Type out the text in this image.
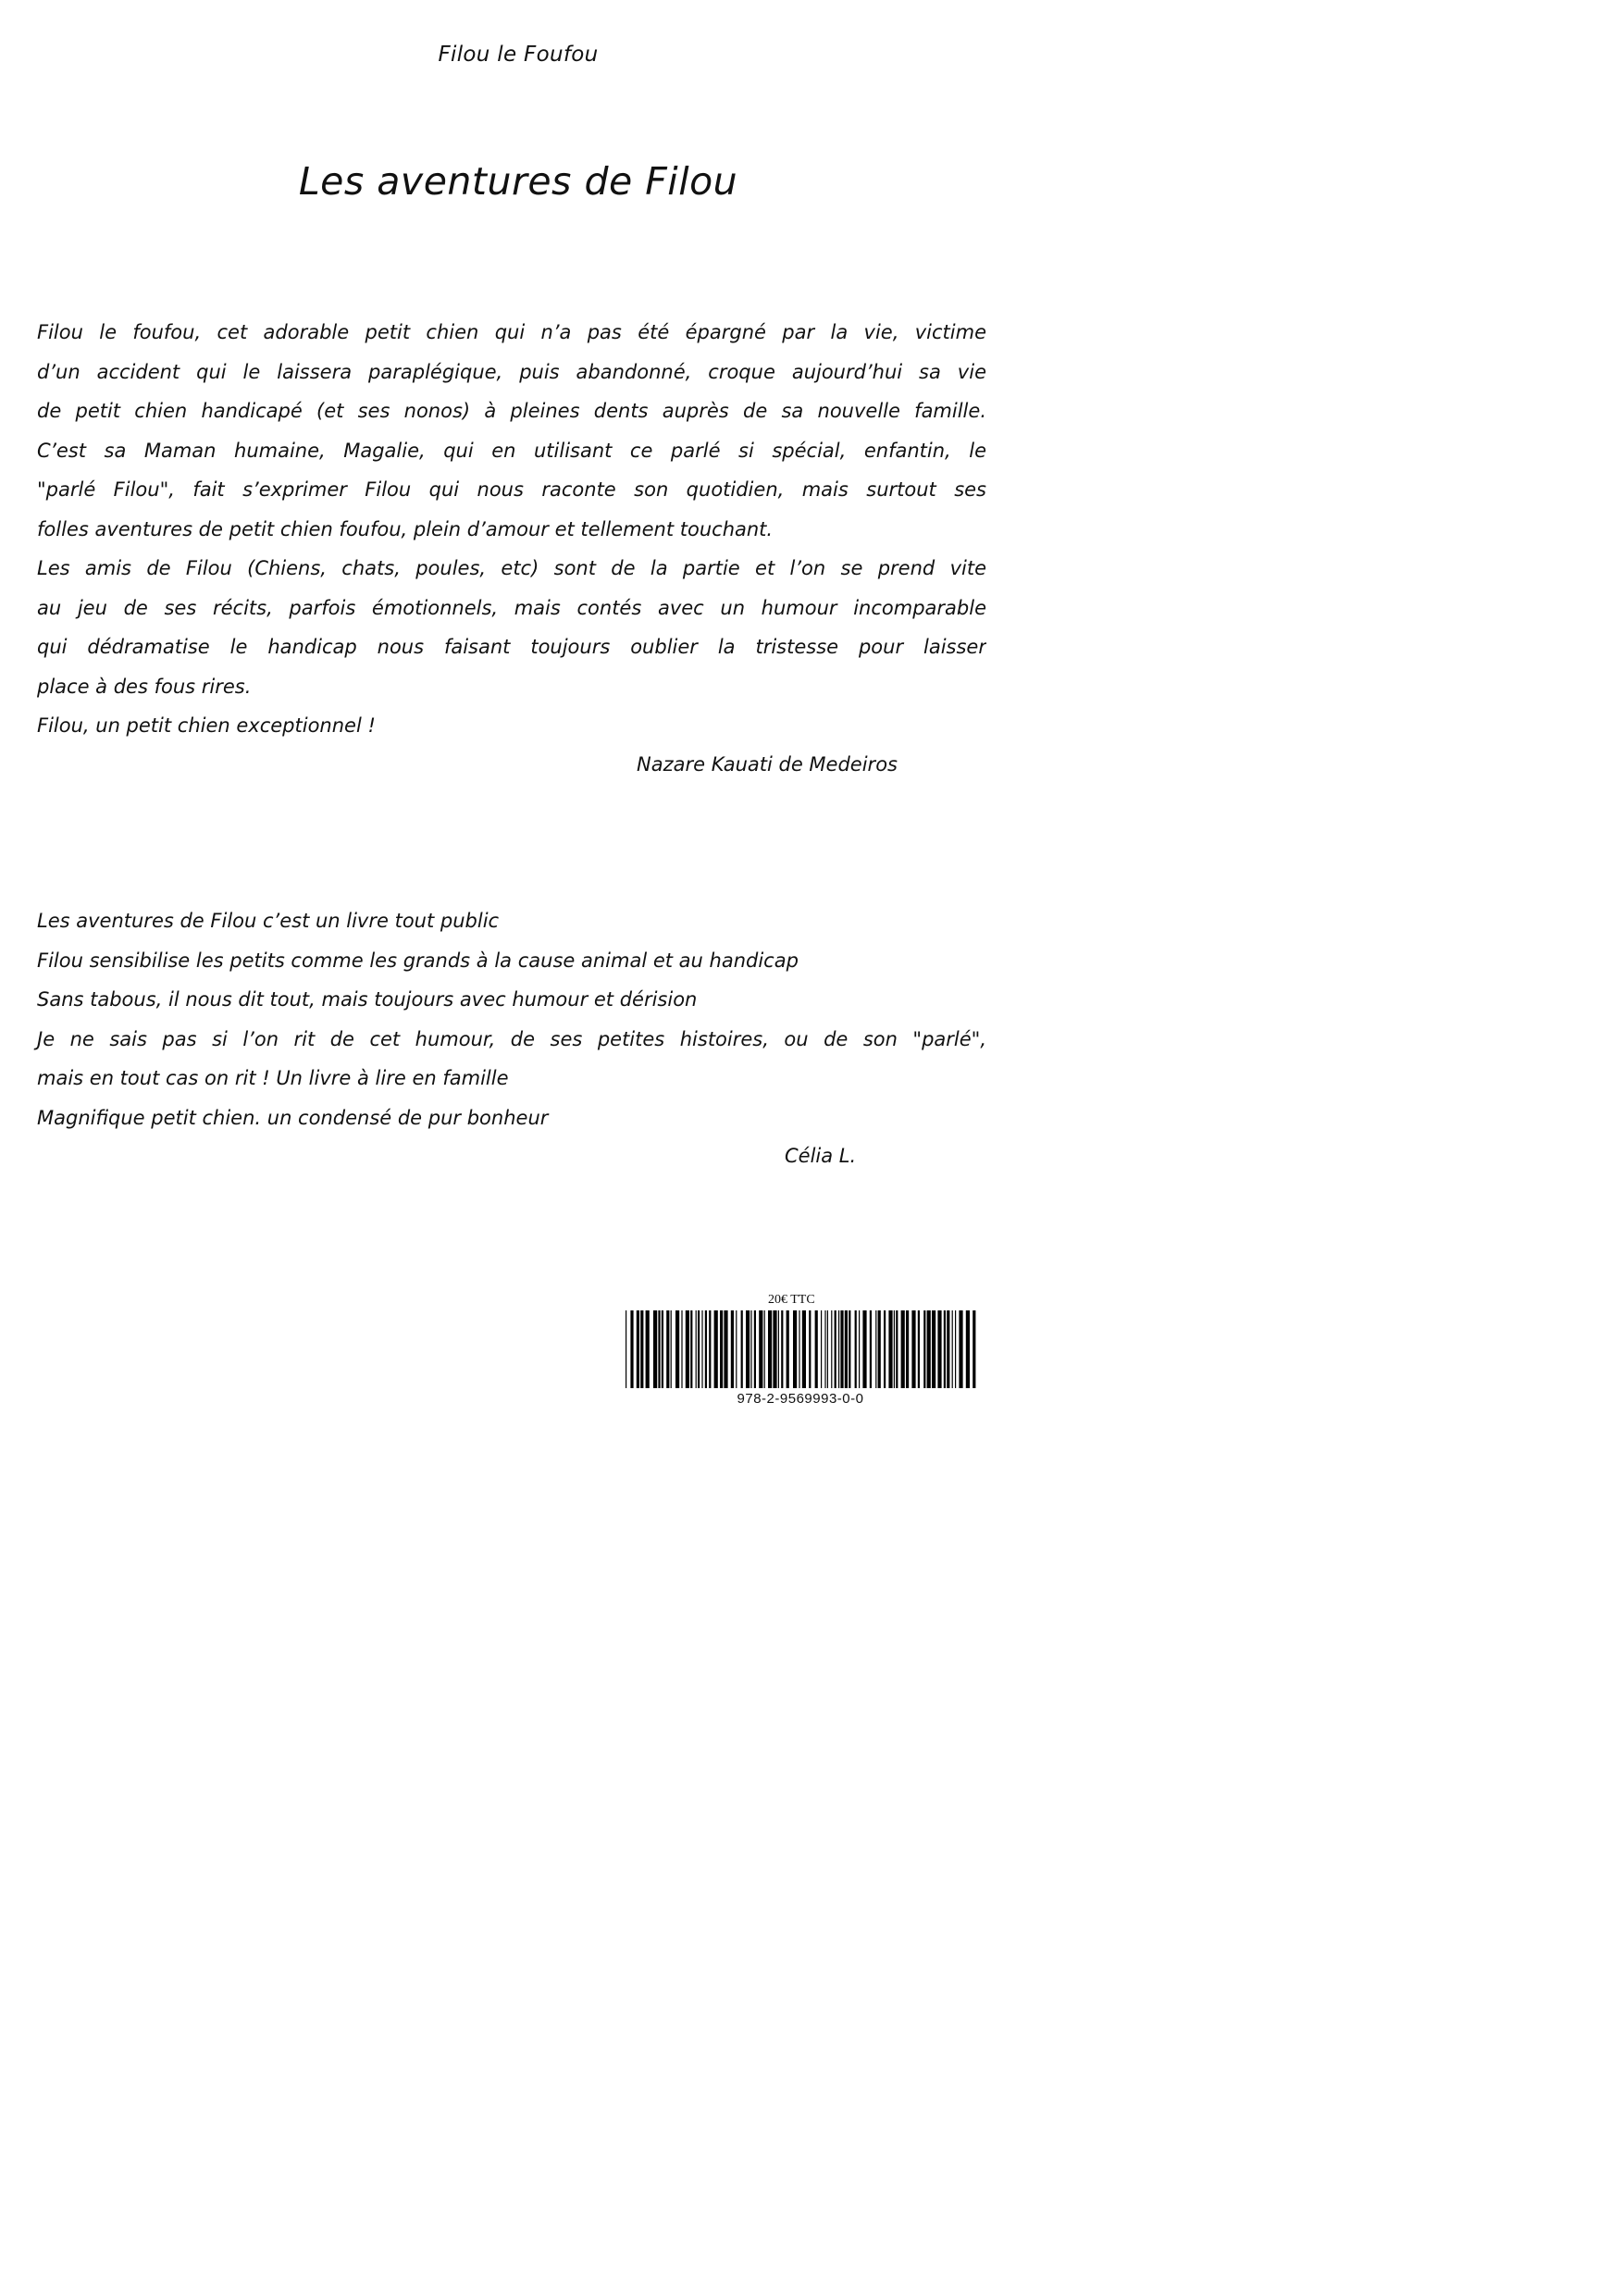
Filou le Foufou
Les aventures de Filou
Filou le foufou, cet adorable petit chien qui n’a pas été épargné par la vie, victime
d’un accident qui le laissera paraplégique, puis abandonné, croque aujourd’hui sa vie
de petit chien handicapé (et ses nonos) à pleines dents auprès de sa nouvelle famille.
C’est sa Maman humaine, Magalie, qui en utilisant ce parlé si spécial, enfantin, le
"parlé Filou", fait s’exprimer Filou qui nous raconte son quotidien, mais surtout ses
folles aventures de petit chien foufou, plein d’amour et tellement touchant.
Les amis de Filou (Chiens, chats, poules, etc) sont de la partie et l’on se prend vite
au jeu de ses récits, parfois émotionnels, mais contés avec un humour incomparable
qui dédramatise le handicap nous faisant toujours oublier la tristesse pour laisser
place à des fous rires.
Filou, un petit chien exceptionnel !
Nazare Kauati de Medeiros
Les aventures de Filou c’est un livre tout public
Filou sensibilise les petits comme les grands à la cause animal et au handicap
Sans tabous, il nous dit tout, mais toujours avec humour et dérision
Je ne sais pas si l’on rit de cet humour, de ses petites histoires, ou de son "parlé",
mais en tout cas on rit ! Un livre à lire en famille
Magnifique petit chien. un condensé de pur bonheur
Célia L.
20€ TTC
978-2-9569993-0-0
